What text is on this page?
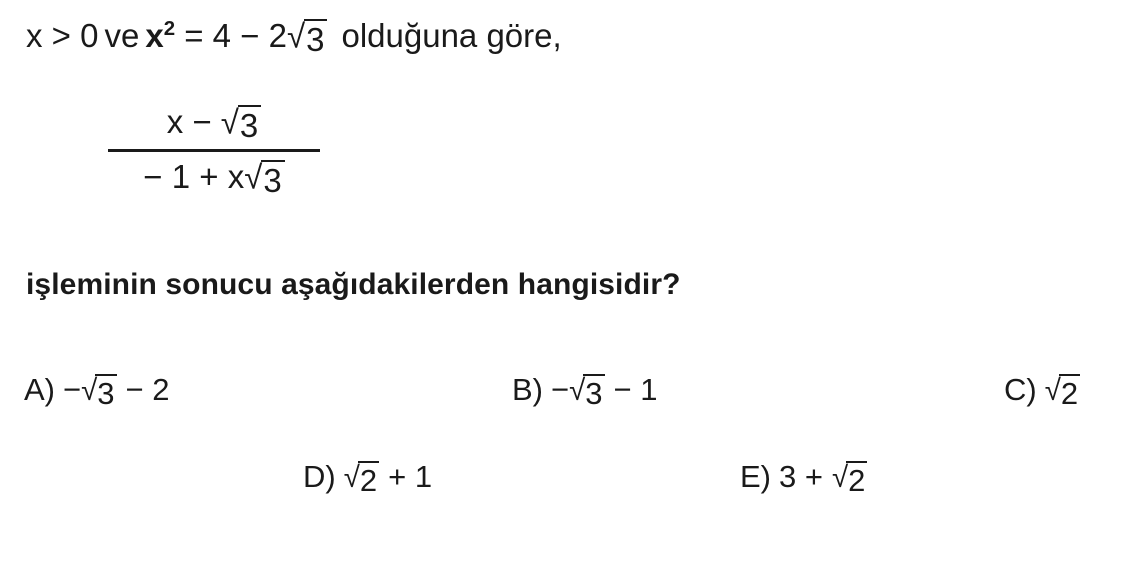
x > 0 ve $x^2 = 4 - 2$ √ 3 olduğuna göre,
$\frac{x - √ 3}{- 1 + x √ 3}$
işleminin sonucu aşağıdakilerden hangisidir?
A) − √ 3 − 2	B) − √ 3 − 1	C) √ 2
D) √ 2 + 1	E) 3 + √ 2
